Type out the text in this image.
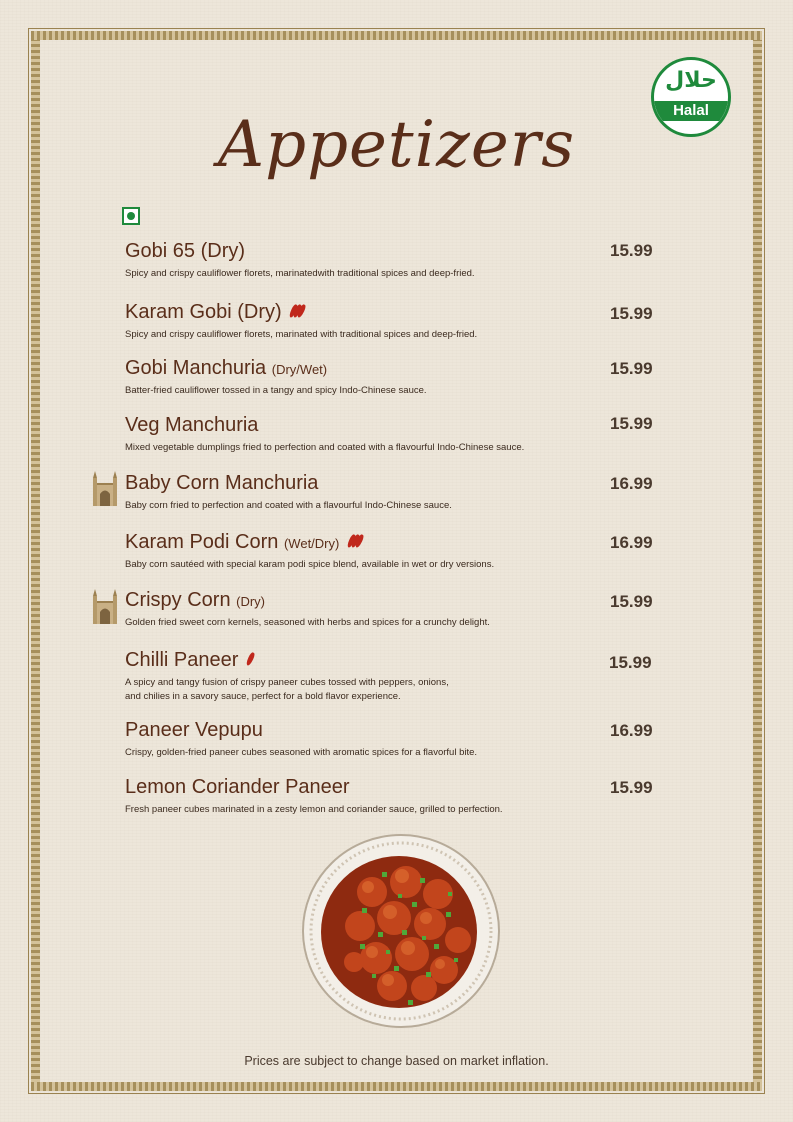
حلال
Halal
Appetizers
Gobi 65 (Dry)
Spicy and crispy cauliflower florets, marinatedwith traditional spices and deep-fried.
15.99
Karam Gobi (Dry)
Spicy and crispy cauliflower florets, marinated with traditional spices and deep-fried.
15.99
Gobi Manchuria (Dry/Wet)
Batter-fried cauliflower tossed in a tangy and spicy Indo-Chinese sauce.
15.99
Veg Manchuria
Mixed vegetable dumplings fried to perfection and coated with a flavourful Indo-Chinese sauce.
15.99
Baby Corn Manchuria
Baby corn fried to perfection and coated with a flavourful Indo-Chinese sauce.
16.99
Karam Podi Corn (Wet/Dry)
Baby corn sautéed with special karam podi spice blend, available in wet or dry versions.
16.99
Crispy Corn (Dry)
Golden fried sweet corn kernels, seasoned with herbs and spices for a crunchy delight.
15.99
Chilli Paneer
A spicy and tangy fusion of crispy paneer cubes tossed with peppers, onions,
and chilies in a savory sauce, perfect for a bold flavor experience.
15.99
Paneer Vepupu
Crispy, golden-fried paneer cubes seasoned with aromatic spices for a flavorful bite.
16.99
Lemon Coriander Paneer
Fresh paneer cubes marinated in a zesty lemon and coriander sauce, grilled to perfection.
15.99
Prices are subject to change based on market inflation.
